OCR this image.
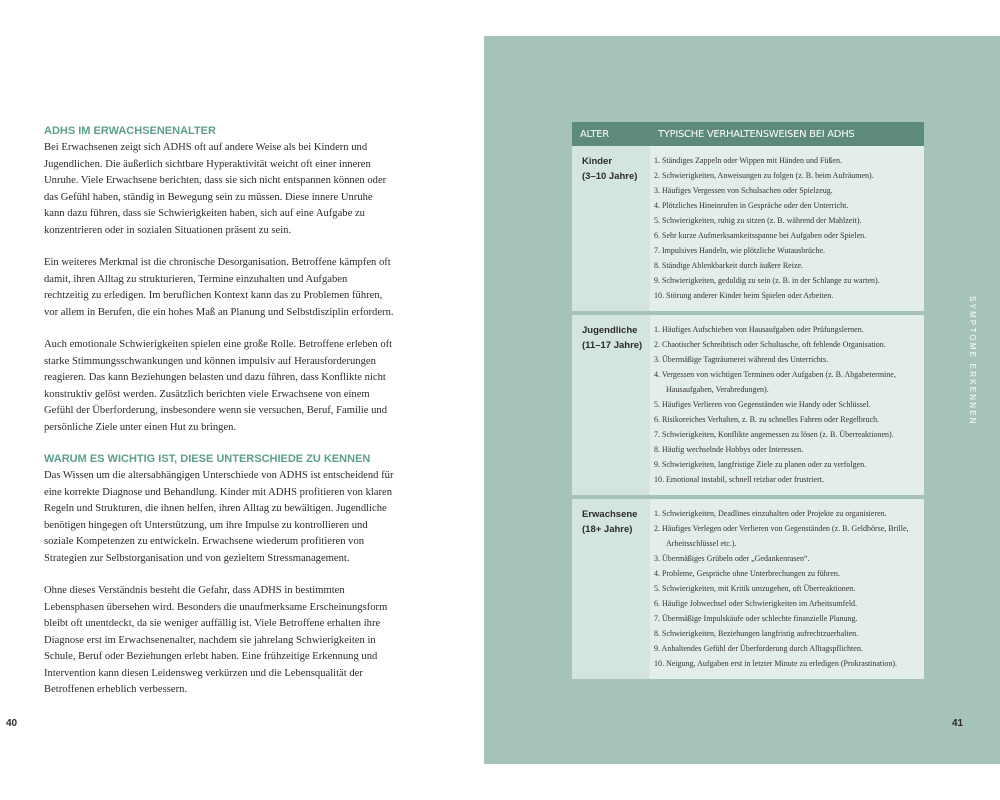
ADHS IM ERWACHSENENALTER

Bei Erwachsenen zeigt sich ADHS oft auf andere Weise als bei Kindern und Jugendlichen. Die äußerlich sichtbare Hyperaktivität weicht oft einer inneren Unruhe. Viele Erwachsene berichten, dass sie sich nicht entspannen können oder das Gefühl haben, ständig in Bewegung sein zu müssen. Diese innere Unruhe kann dazu führen, dass sie Schwierigkeiten haben, sich auf eine Aufgabe zu konzentrieren oder in sozialen Situationen präsent zu sein.

Ein weiteres Merkmal ist die chronische Desorganisation. Betroffene kämpfen oft damit, ihren Alltag zu strukturieren, Termine einzuhalten und Aufgaben rechtzeitig zu erledigen. Im beruflichen Kontext kann das zu Problemen führen, vor allem in Berufen, die ein hohes Maß an Planung und Selbstdisziplin erfordern.

Auch emotionale Schwierigkeiten spielen eine große Rolle. Betroffene erleben oft starke Stimmungsschwankungen und können impulsiv auf Herausforderungen reagieren. Das kann Beziehungen belasten und dazu führen, dass Konflikte nicht konstruktiv gelöst werden. Zusätzlich berichten viele Erwachsene von einem Gefühl der Überforderung, insbesondere wenn sie versuchen, Beruf, Familie und persönliche Ziele unter einen Hut zu bringen.

WARUM ES WICHTIG IST, DIESE UNTERSCHIEDE ZU KENNEN

Das Wissen um die altersabhängigen Unterschiede von ADHS ist entscheidend für eine korrekte Diagnose und Behandlung. Kinder mit ADHS profitieren von klaren Regeln und Strukturen, die ihnen helfen, ihren Alltag zu bewältigen. Jugendliche benötigen hingegen oft Unterstützung, um ihre Impulse zu kontrollieren und soziale Kompetenzen zu entwickeln. Erwachsene wiederum profitieren von Strategien zur Selbstorganisation und von gezieltem Stressmanagement.

Ohne dieses Verständnis besteht die Gefahr, dass ADHS in bestimmten Lebensphasen übersehen wird. Besonders die unaufmerksame Erscheinungsform bleibt oft unentdeckt, da sie weniger auffällig ist. Viele Betroffene erhalten ihre Diagnose erst im Erwachsenenalter, nachdem sie jahrelang Schwierigkeiten in Schule, Beruf oder Beziehungen erlebt haben. Eine frühzeitige Erkennung und Intervention kann diesen Leidensweg verkürzen und die Lebensqualität der Betroffenen erheblich verbessern.

40
SYMPTOME ERKENNEN
ALTER	TYPISCHE VERHALTENSWEISEN BEI ADHS
Kinder
(3–10 Jahre)
1. Ständiges Zappeln oder Wippen mit Händen und Füßen.
2. Schwierigkeiten, Anweisungen zu folgen (z. B. beim Aufräumen).
3. Häufiges Vergessen von Schulsachen oder Spielzeug.
4. Plötzliches Hineinrufen in Gespräche oder den Unterricht.
5. Schwierigkeiten, ruhig zu sitzen (z. B. während der Mahlzeit).
6. Sehr kurze Aufmerksamkeitsspanne bei Aufgaben oder Spielen.
7. Impulsives Handeln, wie plötzliche Wutausbrüche.
8. Ständige Ablenkbarkeit durch äußere Reize.
9. Schwierigkeiten, geduldig zu sein (z. B. in der Schlange zu warten).
10. Störung anderer Kinder beim Spielen oder Arbeiten.
Jugendliche
(11–17 Jahre)
1. Häufiges Aufschieben von Hausaufgaben oder Prüfungslernen.
2. Chaotischer Schreibtisch oder Schultasche, oft fehlende Organisation.
3. Übermäßige Tagträumerei während des Unterrichts.
4. Vergessen von wichtigen Terminen oder Aufgaben (z. B. Abgabetermine, Hausaufgaben, Verabredungen).
5. Häufiges Verlieren von Gegenständen wie Handy oder Schlüssel.
6. Risikoreiches Verhalten, z. B. zu schnelles Fahren oder Regelbruch.
7. Schwierigkeiten, Konflikte angemessen zu lösen (z. B. Überreaktionen).
8. Häufig wechselnde Hobbys oder Interessen.
9. Schwierigkeiten, langfristige Ziele zu planen oder zu verfolgen.
10. Emotional instabil, schnell reizbar oder frustriert.
Erwachsene
(18+ Jahre)
1. Schwierigkeiten, Deadlines einzuhalten oder Projekte zu organisieren.
2. Häufiges Verlegen oder Verlieren von Gegenständen (z. B. Geldbörse, Brille, Arbeitsschlüssel etc.).
3. Übermäßiges Grübeln oder „Gedankenrasen“.
4. Probleme, Gespräche ohne Unterbrechungen zu führen.
5. Schwierigkeiten, mit Kritik umzugehen, oft Überreaktionen.
6. Häufige Jobwechsel oder Schwierigkeiten im Arbeitsumfeld.
7. Übermäßige Impulskäufe oder schlechte finanzielle Planung.
8. Schwierigkeiten, Beziehungen langfristig aufrechtzuerhalten.
9. Anhaltendes Gefühl der Überforderung durch Alltagspflichten.
10. Neigung, Aufgaben erst in letzter Minute zu erledigen (Prokrastination).
41
